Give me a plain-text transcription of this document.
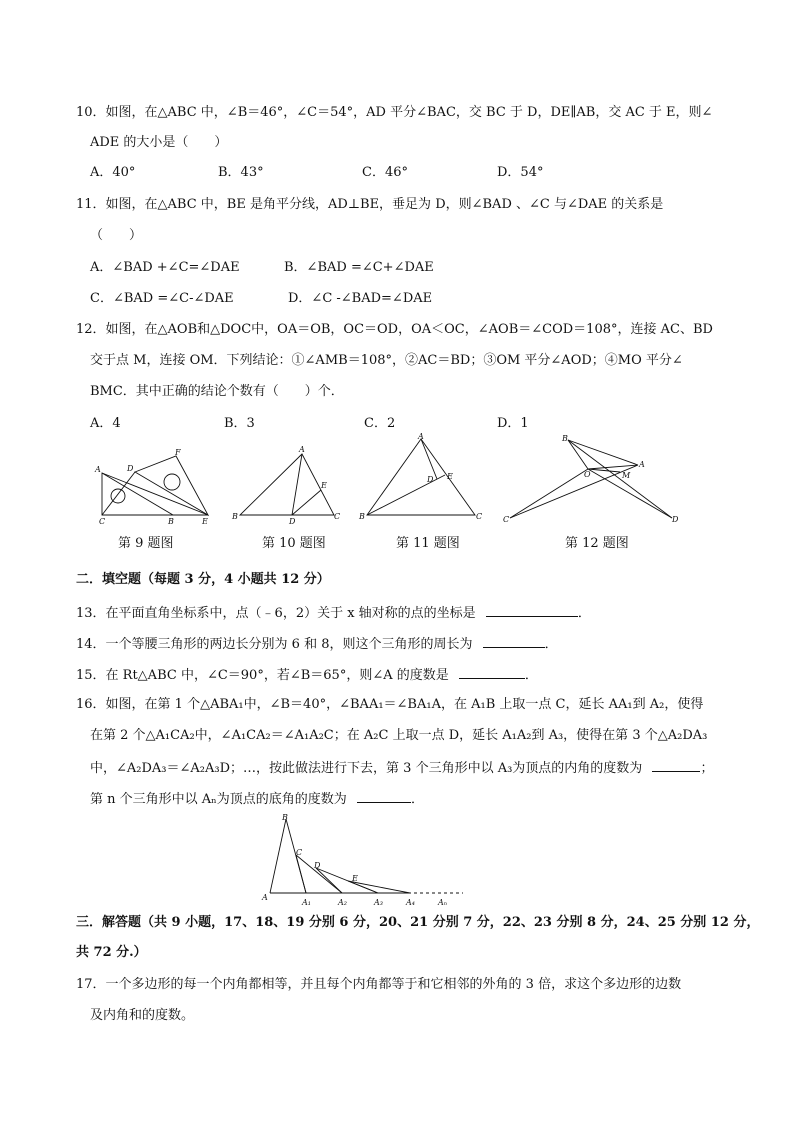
10．如图，在△ABC 中，∠B＝46°，∠C＝54°，AD 平分∠BAC，交 BC 于 D，DE∥AB，交 AC 于 E，则∠
ADE 的大小是（　　）
A．40°	B．43°	C．46°	D．54°
11．如图，在△ABC 中，BE 是角平分线，AD⊥BE，垂足为 D，则∠BAD 、∠C 与∠DAE 的关系是
（　　）
A．∠BAD +∠C=∠DAE	B．∠BAD =∠C+∠DAE
C．∠BAD =∠C-∠DAE	D．∠C -∠BAD=∠DAE
12．如图，在△AOB和△DOC中，OA＝OB，OC＝OD，OA＜OC，∠AOB＝∠COD＝108°，连接 AC、BD
交于点 M，连接 OM．下列结论：①∠AMB＝108°，②AC＝BD；③OM 平分∠AOD；④MO 平分∠
BMC．其中正确的结论个数有（　　）个．
A．4	B．3	C．2	D．1
A	D
F
C	B	E
A
E
B
D
C
A
D E
B	C
B
A
O	M
C	D
第 9 题图	第 10 题图	第 11 题图	第 12 题图
二．填空题（每题 3 分，4 小题共 12 分）
13．在平面直角坐标系中，点（﹣6，2）关于 x 轴对称的点的坐标是	．
14．一个等腰三角形的两边长分别为 6 和 8，则这个三角形的周长为	．
15．在 Rt△ABC 中，∠C＝90°，若∠B＝65°，则∠A 的度数是	．
16．如图，在第 1 个△ABA₁中，∠B＝40°，∠BAA₁＝∠BA₁A，在 A₁B 上取一点 C，延长 AA₁到 A₂，使得
在第 2 个△A₁CA₂中，∠A₁CA₂＝∠A₁A₂C；在 A₂C 上取一点 D，延长 A₁A₂到 A₃，使得在第 3 个△A₂DA₃
中，∠A₂DA₃＝∠A₂A₃D；…，按此做法进行下去，第 3 个三角形中以 A₃为顶点的内角的度数为	；
第 n 个三角形中以 Aₙ为顶点的底角的度数为	．
B
C
D
E
A
A₁	A₂	A₃	A₄	Aₙ
三．解答题（共 9 小题，17、18、19 分别 6 分，20、21 分别 7 分，22、23 分别 8 分，24、25 分别 12 分，
共 72 分.）
17．一个多边形的每一个内角都相等，并且每个内角都等于和它相邻的外角的 3 倍，求这个多边形的边数
及内角和的度数。
